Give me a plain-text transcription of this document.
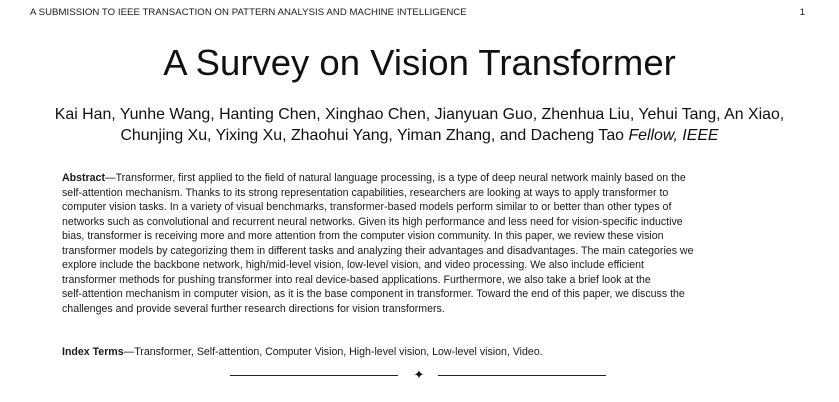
A SUBMISSION TO IEEE TRANSACTION ON PATTERN ANALYSIS AND MACHINE INTELLIGENCE	1
A Survey on Vision Transformer
Kai Han, Yunhe Wang, Hanting Chen, Xinghao Chen, Jianyuan Guo, Zhenhua Liu, Yehui Tang, An Xiao,
Chunjing Xu, Yixing Xu, Zhaohui Yang, Yiman Zhang, and Dacheng Tao Fellow, IEEE
Abstract—Transformer, first applied to the field of natural language processing, is a type of deep neural network mainly based on the
self-attention mechanism. Thanks to its strong representation capabilities, researchers are looking at ways to apply transformer to
computer vision tasks. In a variety of visual benchmarks, transformer-based models perform similar to or better than other types of
networks such as convolutional and recurrent neural networks. Given its high performance and less need for vision-specific inductive
bias, transformer is receiving more and more attention from the computer vision community. In this paper, we review these vision
transformer models by categorizing them in different tasks and analyzing their advantages and disadvantages. The main categories we
explore include the backbone network, high/mid-level vision, low-level vision, and video processing. We also include efficient
transformer methods for pushing transformer into real device-based applications. Furthermore, we also take a brief look at the
self-attention mechanism in computer vision, as it is the base component in transformer. Toward the end of this paper, we discuss the
challenges and provide several further research directions for vision transformers.
Index Terms—Transformer, Self-attention, Computer Vision, High-level vision, Low-level vision, Video.
✦
